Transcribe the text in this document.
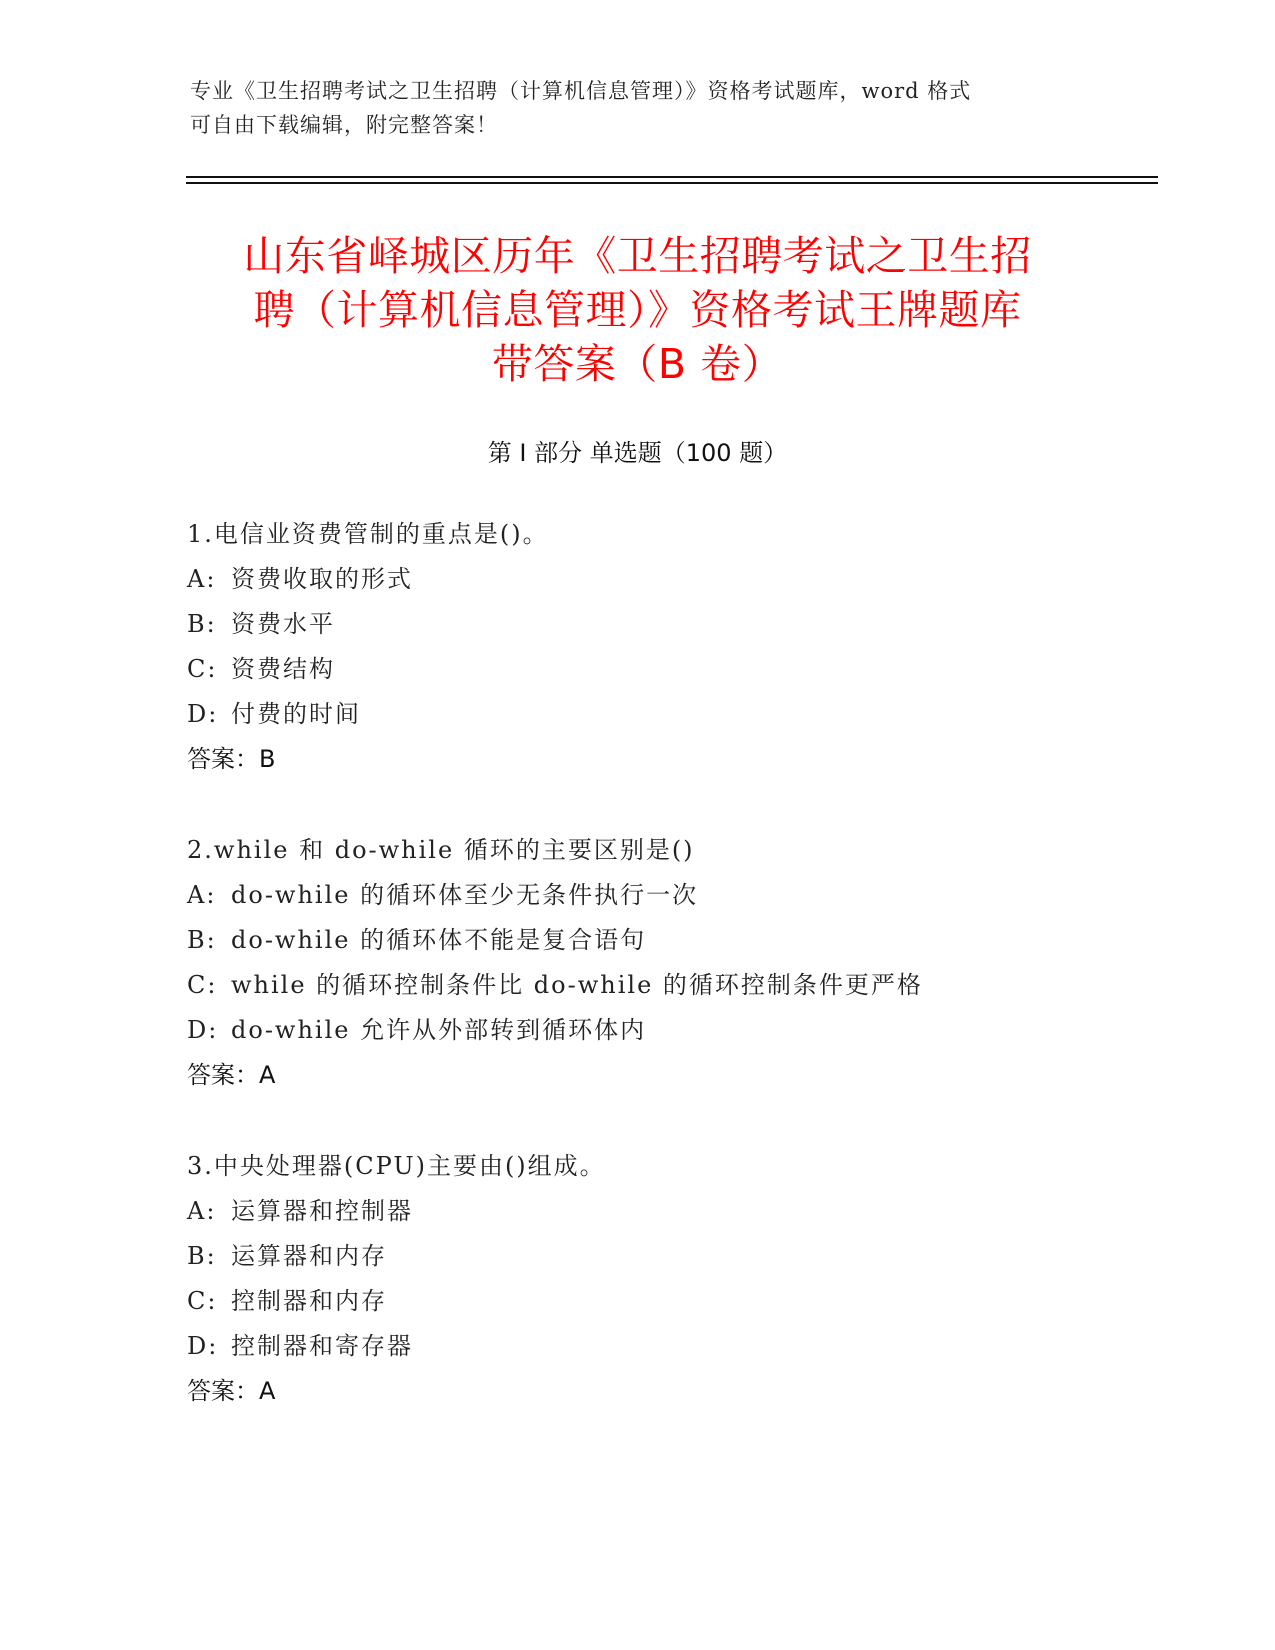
专业《卫生招聘考试之卫生招聘（计算机信息管理）》资格考试题库，word 格式
可自由下载编辑，附完整答案！
山东省峄城区历年《卫生招聘考试之卫生招
聘（计算机信息管理）》资格考试王牌题库
带答案（B 卷）
第 I 部分 单选题（100 题）
1.电信业资费管制的重点是()。
A: 资费收取的形式
B: 资费水平
C: 资费结构
D: 付费的时间
答案：B
2.while 和 do-while 循环的主要区别是()
A: do-while 的循环体至少无条件执行一次
B: do-while 的循环体不能是复合语句
C: while 的循环控制条件比 do-while 的循环控制条件更严格
D: do-while 允许从外部转到循环体内
答案：A
3.中央处理器(CPU)主要由()组成。
A: 运算器和控制器
B: 运算器和内存
C: 控制器和内存
D: 控制器和寄存器
答案：A
